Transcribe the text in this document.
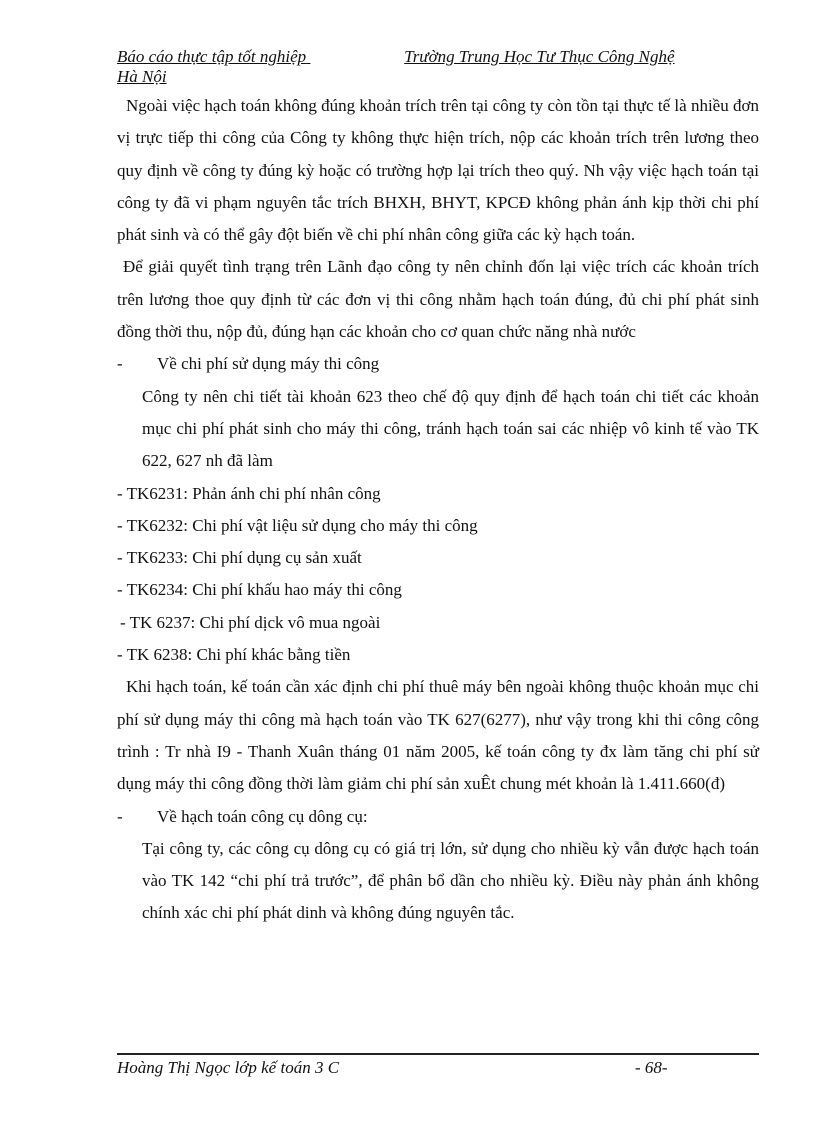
Báo cáo thực tập tốt nghiệp	Trường Trung Học Tư Thục Công Nghệ
Hà Nội

Ngoài việc hạch toán không đúng khoản trích trên tại công ty còn tồn tại thực tế là nhiều đơn vị trực tiếp thi công của Công ty không thực hiện trích, nộp các khoản trích trên lương theo quy định về công ty đúng kỳ hoặc có trường hợp lại trích theo quý. Nh vậy việc hạch toán tại công ty đã vi phạm nguyên tắc trích BHXH, BHYT, KPCĐ không phản ánh kịp thời chi phí phát sinh và có thể gây đột biến về chi phí nhân công giữa các kỳ hạch toán.

Để giải quyết tình trạng trên Lãnh đạo công ty nên chỉnh đốn lại việc trích các khoản trích trên lương thoe quy định từ các đơn vị thi công nhằm hạch toán đúng, đủ chi phí phát sinh đồng thời thu, nộp đủ, đúng hạn các khoản cho cơ quan chức năng nhà nước

- Về chi phí sử dụng máy thi công

Công ty nên chi tiết tài khoản 623 theo chế độ quy định để hạch toán chi tiết các khoản mục chi phí phát sinh cho máy thi công, tránh hạch toán sai các nhiệp vô kinh tế vào TK 622, 627 nh đã làm

- TK6231: Phản ánh chi phí nhân công

- TK6232: Chi phí vật liệu sử dụng cho máy thi công

- TK6233: Chi phí dụng cụ sản xuất

- TK6234: Chi phí khấu hao máy thi công

- TK 6237: Chi phí dịck vô mua ngoài

- TK 6238: Chi phí khác bằng tiền

Khi hạch toán, kế toán cần xác định chi phí thuê máy bên ngoài không thuộc khoản mục chi phí sử dụng máy thi công mà hạch toán vào TK 627(6277), như vậy trong khi thi công công trình : Tr nhà I9 - Thanh Xuân tháng 01 năm 2005, kế toán công ty đx làm tăng chi phí sử dụng máy thi công đồng thời làm giảm chi phí sản xuÊt chung mét khoản là 1.411.660(đ)

- Về hạch toán công cụ dông cụ:

Tại công ty, các công cụ dông cụ có giá trị lớn, sử dụng cho nhiều kỳ vẫn được hạch toán vào TK 142 “chi phí trả trước”, để phân bổ dần cho nhiều kỳ. Điều này phản ánh không chính xác chi phí phát dinh và không đúng nguyên tắc.

Hoàng Thị Ngọc lớp kế toán 3 C	- 68-
